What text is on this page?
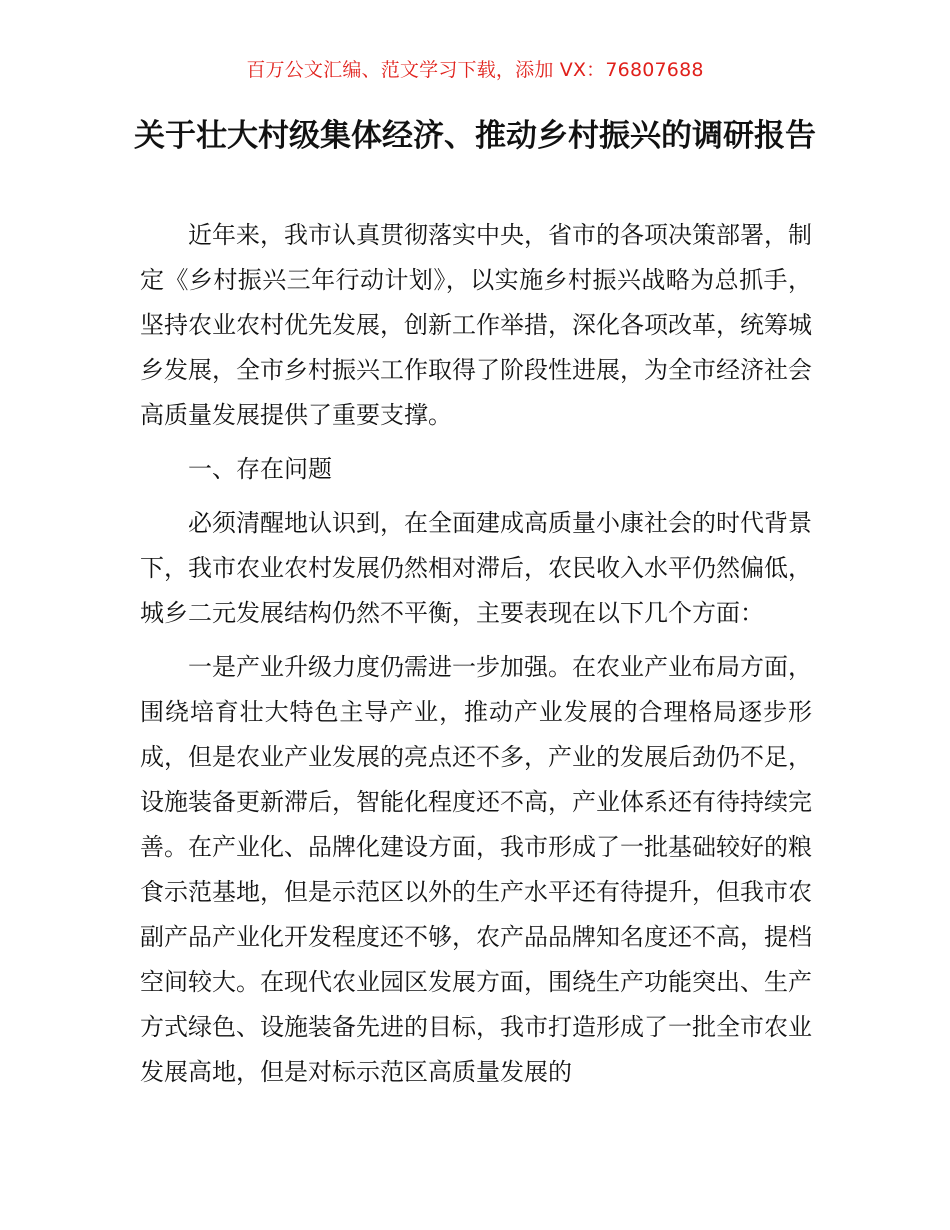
百万公文汇编、范文学习下载，添加 VX：76807688
关于壮大村级集体经济、推动乡村振兴的调研报告

近年来，我市认真贯彻落实中央，省市的各项决策部署，制定《乡村振兴三年行动计划》，以实施乡村振兴战略为总抓手，坚持农业农村优先发展，创新工作举措，深化各项改革，统筹城乡发展，全市乡村振兴工作取得了阶段性进展，为全市经济社会高质量发展提供了重要支撑。

一、存在问题

必须清醒地认识到，在全面建成高质量小康社会的时代背景下，我市农业农村发展仍然相对滞后，农民收入水平仍然偏低，城乡二元发展结构仍然不平衡，主要表现在以下几个方面：

一是产业升级力度仍需进一步加强。在农业产业布局方面，围绕培育壮大特色主导产业，推动产业发展的合理格局逐步形成，但是农业产业发展的亮点还不多，产业的发展后劲仍不足，设施装备更新滞后，智能化程度还不高，产业体系还有待持续完善。在产业化、品牌化建设方面，我市形成了一批基础较好的粮食示范基地，但是示范区以外的生产水平还有待提升，但我市农副产品产业化开发程度还不够，农产品品牌知名度还不高，提档空间较大。在现代农业园区发展方面，围绕生产功能突出、生产方式绿色、设施装备先进的目标，我市打造形成了一批全市农业发展高地，但是对标示范区高质量发展的
